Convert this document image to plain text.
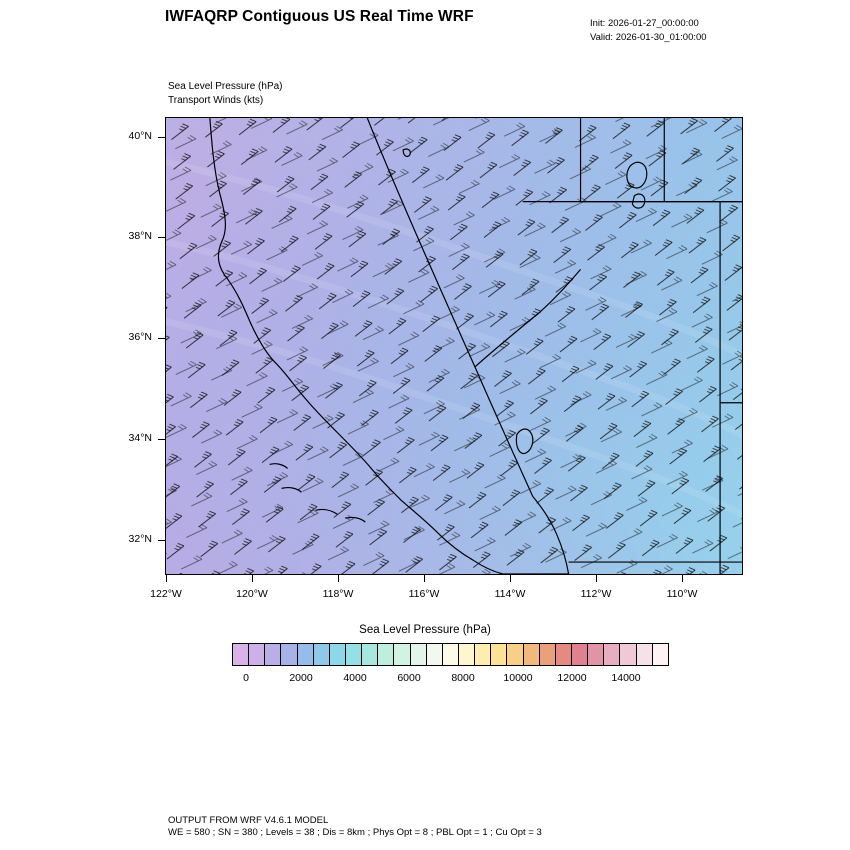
IWFAQRP Contiguous US Real Time WRF	Init: 2026-01-27_00:00:00
Valid: 2026-01-30_01:00:00
Sea Level Pressure (hPa)
Transport Winds (kts)
40°N
38°N
36°N
34°N
32°N
122°W	120°W	118°W	116°W	114°W	112°W	110°W
Sea Level Pressure (hPa)
0	2000	4000	6000	8000	10000	12000	14000
OUTPUT FROM WRF V4.6.1 MODEL
WE = 580 ; SN = 380 ; Levels = 38 ; Dis = 8km ; Phys Opt = 8 ; PBL Opt = 1 ; Cu Opt = 3
